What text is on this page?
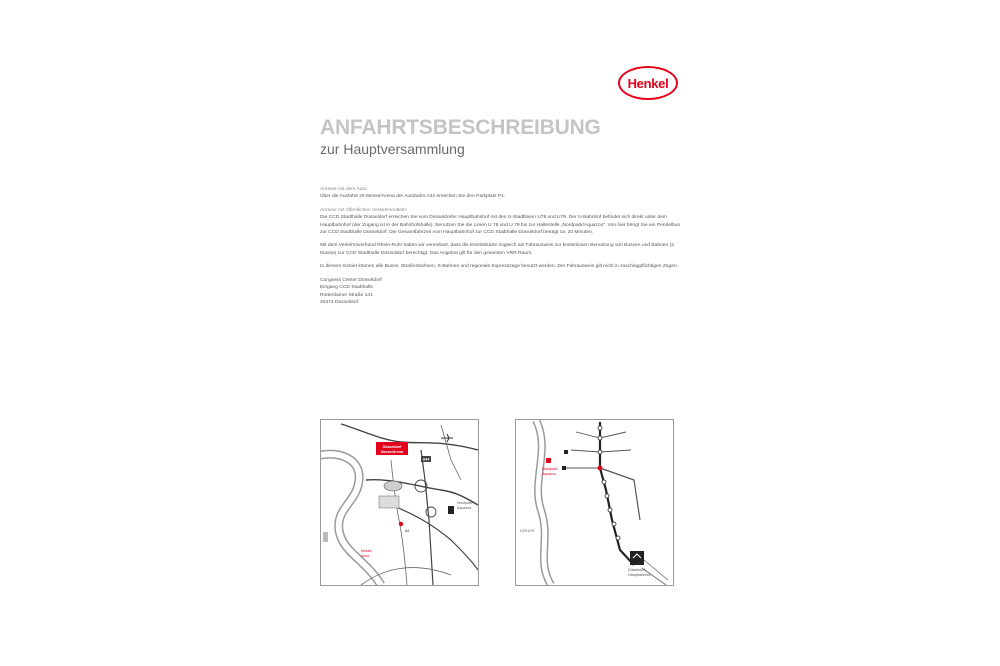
Henkel
ANFAHRTSBESCHREIBUNG
zur Hauptversammlung

Anreise mit dem Auto:
Über die Ausfahrt 29 Messe/Arena der Autobahn A44 erreichen Sie den Parkplatz P1.

Anreise mit öffentlichen Verkehrsmitteln:
Die CCD Stadthalle Düsseldorf erreichen Sie vom Düsseldorfer Hauptbahnhof mit den U-Stadtlinien U78 und U79. Der U-Bahnhof befindet sich direkt unter dem Hauptbahnhof (der Zugang ist in der Bahnhofshalle). Benutzen Sie die Linien U 78 und U 79 bis zur Haltestelle „Nordpark/Aquazoo“. Von hier bringt Sie ein Pendelbus zur CCD Stadthalle Düsseldorf. Die Gesamtfahrzeit vom Hauptbahnhof zur CCD Stadthalle Düsseldorf beträgt ca. 20 Minuten.

Mit dem Verkehrsverbund Rhein-Ruhr haben wir vereinbart, dass die Eintrittskarte zugleich als Fahrausweis zur kostenlosen Benutzung von Bussen und Bahnen (2. Klasse) zur CCD Stadthalle Düsseldorf berechtigt. Das Angebot gilt für den gesamten VRR-Raum.

In diesem Gebiet können alle Busse, Straßenbahnen, S-Bahnen und regionale Expresszüge benutzt werden. Der Fahrausweis gilt nicht in zuschlagpflichtigen Zügen.

Congress Center Düsseldorf
Eingang CCD Stadthalle
Rotterdamer Straße 141
40474 Düsseldorf
Düsseldorf
Messe/Arena
A44
Nordpark/
Aquazoo
B8
Messe
Nord
Nordpark/
Aquazoo
U78 U79
Düsseldorf
Hauptbahnhof
